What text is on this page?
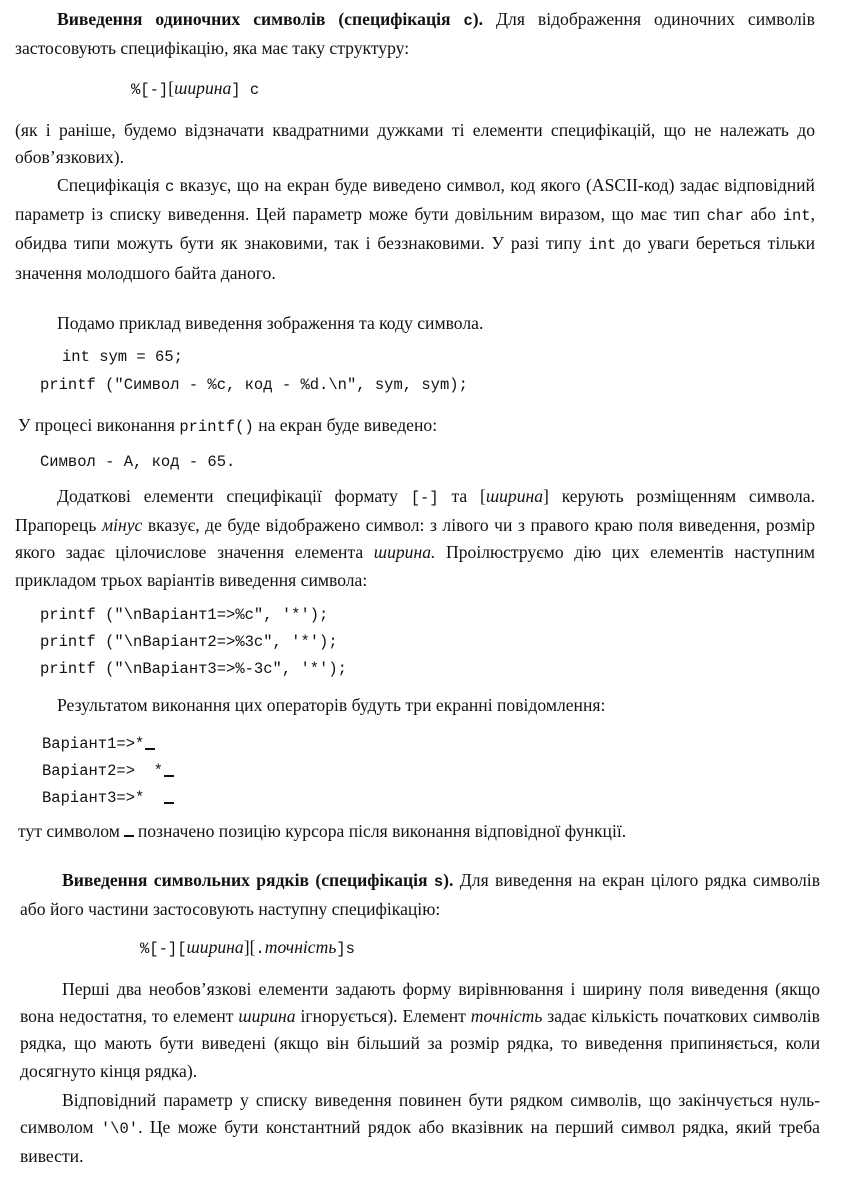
Виведення одиночних символів (специфікація c). Для відображення одиночних символів застосовують специфікацію, яка має таку структуру:
%[-][ширина] c
(як і раніше, будемо відзначати квадратними дужками ті елементи специфікацій, що не належать до обов’язкових).
Специфікація c вказує, що на екран буде виведено символ, код якого (ASCII-код) задає відповідний параметр із списку виведення. Цей параметр може бути довільним виразом, що має тип char або int, обидва типи можуть бути як знаковими, так і беззнаковими. У разі типу int до уваги береться тільки значення молодшого байта даного.
Подамо приклад виведення зображення та коду символа.
int sym = 65;
printf ("Символ - %c, код - %d.\n", sym, sym);
У процесі виконання printf() на екран буде виведено:
Символ - A, код - 65.
Додаткові елементи специфікації формату [-] та [ширина] керують розміщенням символа. Прапорець мінус вказує, де буде відображено символ: з лівого чи з правого краю поля виведення, розмір якого задає цілочислове значення елемента ширина. Проілюструємо дію цих елементів наступним прикладом трьох варіантів виведення символа:
printf ("\nВаріант1=>%c", '*');
printf ("\nВаріант2=>%3c", '*');
printf ("\nВаріант3=>%-3c", '*');
Результатом виконання цих операторів будуть три екранні повідомлення:
Варіант1=>*
Варіант2=>  *
Варіант3=>*
тут символом позначено позицію курсора після виконання відповідної функції.
Виведення символьних рядків (специфікація s). Для виведення на екран цілого рядка символів або його частини застосовують наступну специфікацію:
%[-][ширина][.точність]s
Перші два необов’язкові елементи задають форму вирівнювання і ширину поля виведення (якщо вона недостатня, то елемент ширина ігнорується). Елемент точність задає кількість початкових символів рядка, що мають бути виведені (якщо він більший за розмір рядка, то виведення припиняється, коли досягнуто кінця рядка).
Відповідний параметр у списку виведення повинен бути рядком символів, що закінчується нуль-символом '\0'. Це може бути константний рядок або вказівник на перший символ рядка, який треба вивести.
